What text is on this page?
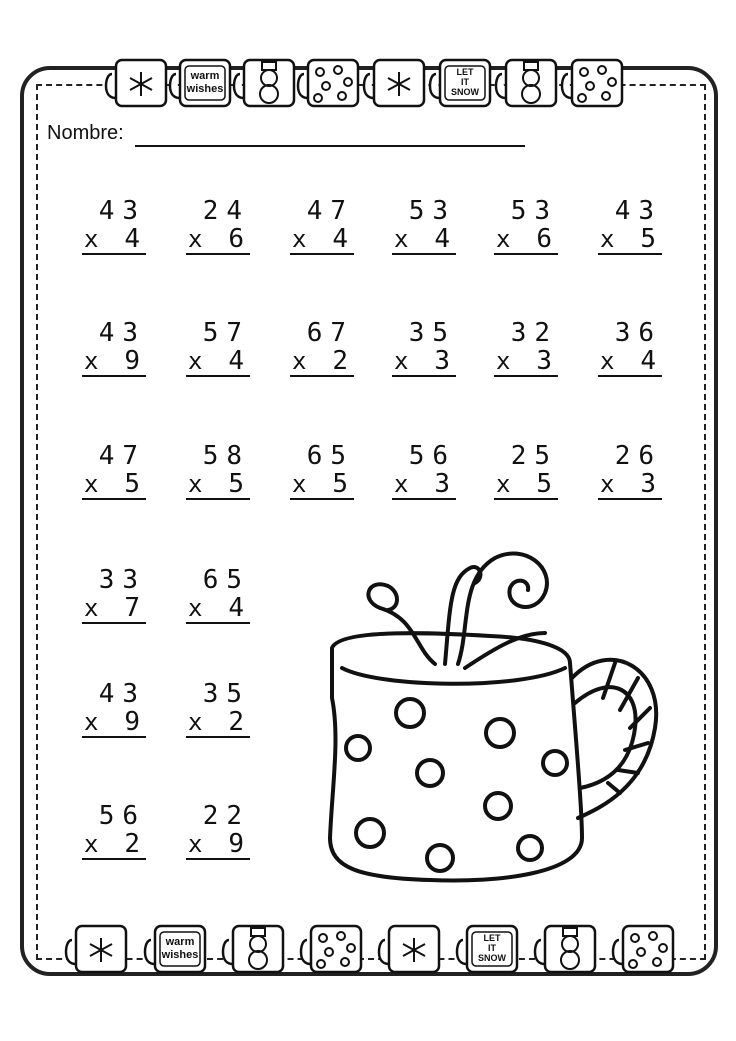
warm
wishes
LET
IT
SNOW
warm
wishes
LET
IT
SNOW
Nombre:
43
x 4
24
x 6
47
x 4
53
x 4
53
x 6
43
x 5
43
x 9
57
x 4
67
x 2
35
x 3
32
x 3
36
x 4
47
x 5
58
x 5
65
x 5
56
x 3
25
x 5
26
x 3
33
x 7
65
x 4
43
x 9
35
x 2
56
x 2
22
x 9
